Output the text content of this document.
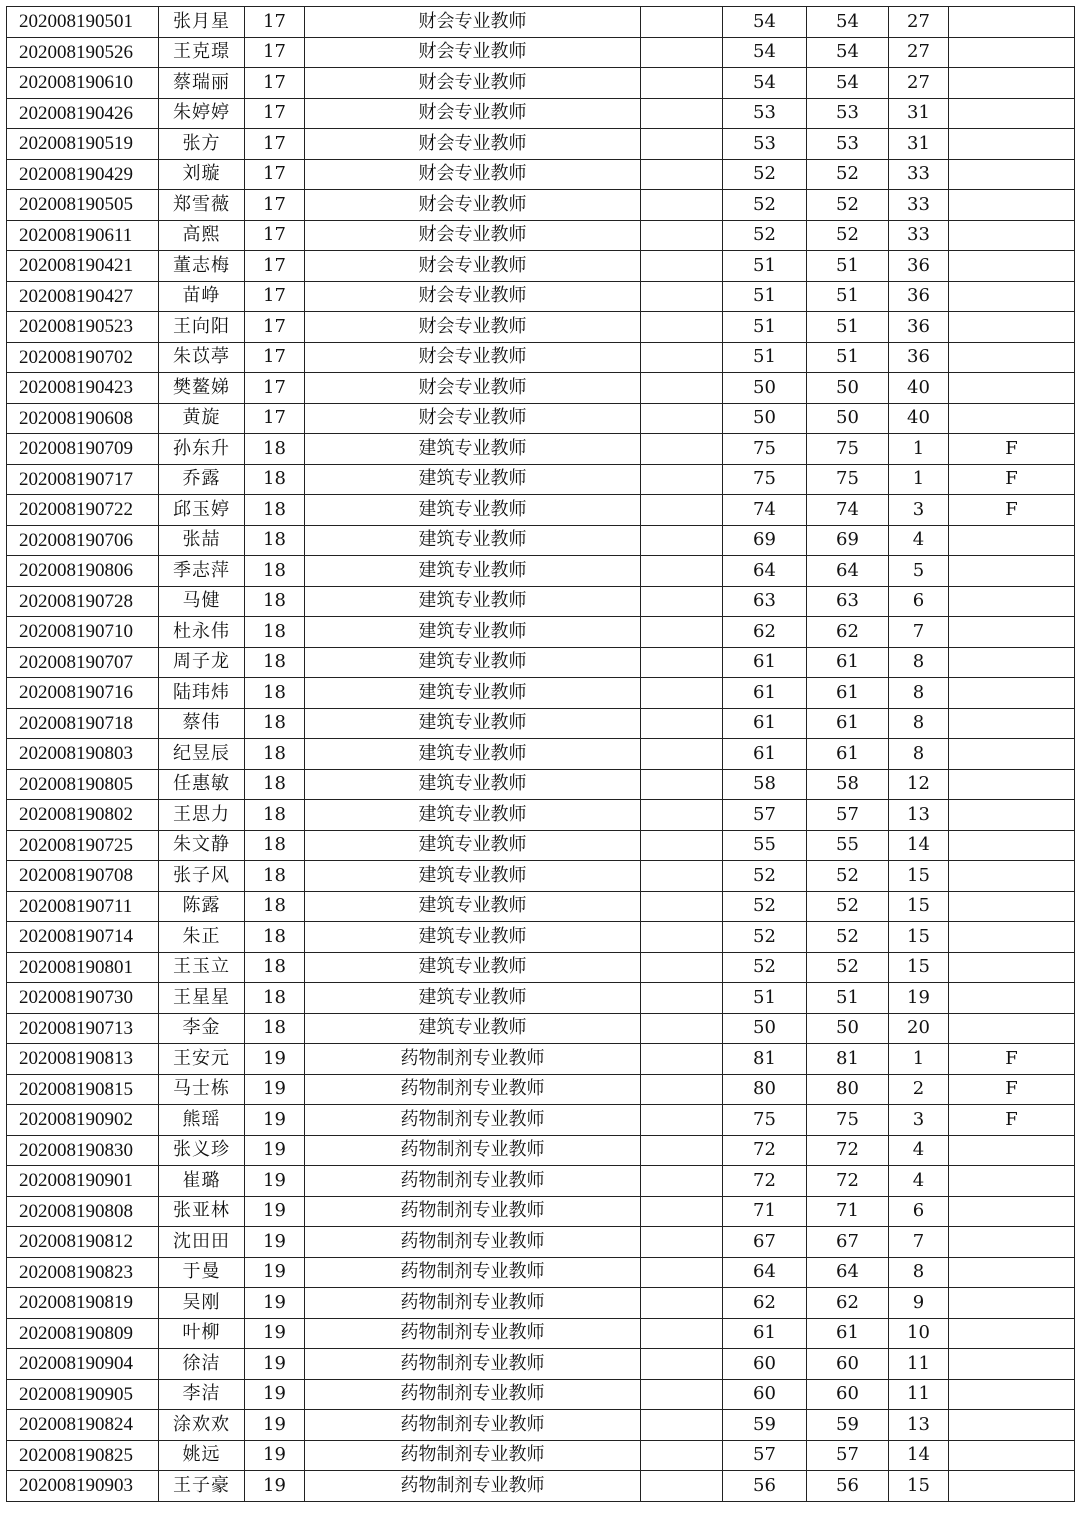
202008190501	张月星	17	财会专业教师		54	54	27	
202008190526	王克璟	17	财会专业教师		54	54	27	
202008190610	蔡瑞丽	17	财会专业教师		54	54	27	
202008190426	朱婷婷	17	财会专业教师		53	53	31	
202008190519	张方	17	财会专业教师		53	53	31	
202008190429	刘璇	17	财会专业教师		52	52	33	
202008190505	郑雪薇	17	财会专业教师		52	52	33	
202008190611	高熙	17	财会专业教师		52	52	33	
202008190421	董志梅	17	财会专业教师		51	51	36	
202008190427	苗峥	17	财会专业教师		51	51	36	
202008190523	王向阳	17	财会专业教师		51	51	36	
202008190702	朱苡葶	17	财会专业教师		51	51	36	
202008190423	樊鳌娣	17	财会专业教师		50	50	40	
202008190608	黄旋	17	财会专业教师		50	50	40	
202008190709	孙东升	18	建筑专业教师		75	75	1	F
202008190717	乔露	18	建筑专业教师		75	75	1	F
202008190722	邱玉婷	18	建筑专业教师		74	74	3	F
202008190706	张喆	18	建筑专业教师		69	69	4	
202008190806	季志萍	18	建筑专业教师		64	64	5	
202008190728	马健	18	建筑专业教师		63	63	6	
202008190710	杜永伟	18	建筑专业教师		62	62	7	
202008190707	周子龙	18	建筑专业教师		61	61	8	
202008190716	陆玮炜	18	建筑专业教师		61	61	8	
202008190718	蔡伟	18	建筑专业教师		61	61	8	
202008190803	纪昱辰	18	建筑专业教师		61	61	8	
202008190805	任惠敏	18	建筑专业教师		58	58	12	
202008190802	王思力	18	建筑专业教师		57	57	13	
202008190725	朱文静	18	建筑专业教师		55	55	14	
202008190708	张子风	18	建筑专业教师		52	52	15	
202008190711	陈露	18	建筑专业教师		52	52	15	
202008190714	朱正	18	建筑专业教师		52	52	15	
202008190801	王玉立	18	建筑专业教师		52	52	15	
202008190730	王星星	18	建筑专业教师		51	51	19	
202008190713	李金	18	建筑专业教师		50	50	20	
202008190813	王安元	19	药物制剂专业教师		81	81	1	F
202008190815	马士栋	19	药物制剂专业教师		80	80	2	F
202008190902	熊瑶	19	药物制剂专业教师		75	75	3	F
202008190830	张义珍	19	药物制剂专业教师		72	72	4	
202008190901	崔璐	19	药物制剂专业教师		72	72	4	
202008190808	张亚林	19	药物制剂专业教师		71	71	6	
202008190812	沈田田	19	药物制剂专业教师		67	67	7	
202008190823	于曼	19	药物制剂专业教师		64	64	8	
202008190819	吴刚	19	药物制剂专业教师		62	62	9	
202008190809	叶柳	19	药物制剂专业教师		61	61	10	
202008190904	徐洁	19	药物制剂专业教师		60	60	11	
202008190905	李洁	19	药物制剂专业教师		60	60	11	
202008190824	涂欢欢	19	药物制剂专业教师		59	59	13	
202008190825	姚远	19	药物制剂专业教师		57	57	14	
202008190903	王子豪	19	药物制剂专业教师		56	56	15	
